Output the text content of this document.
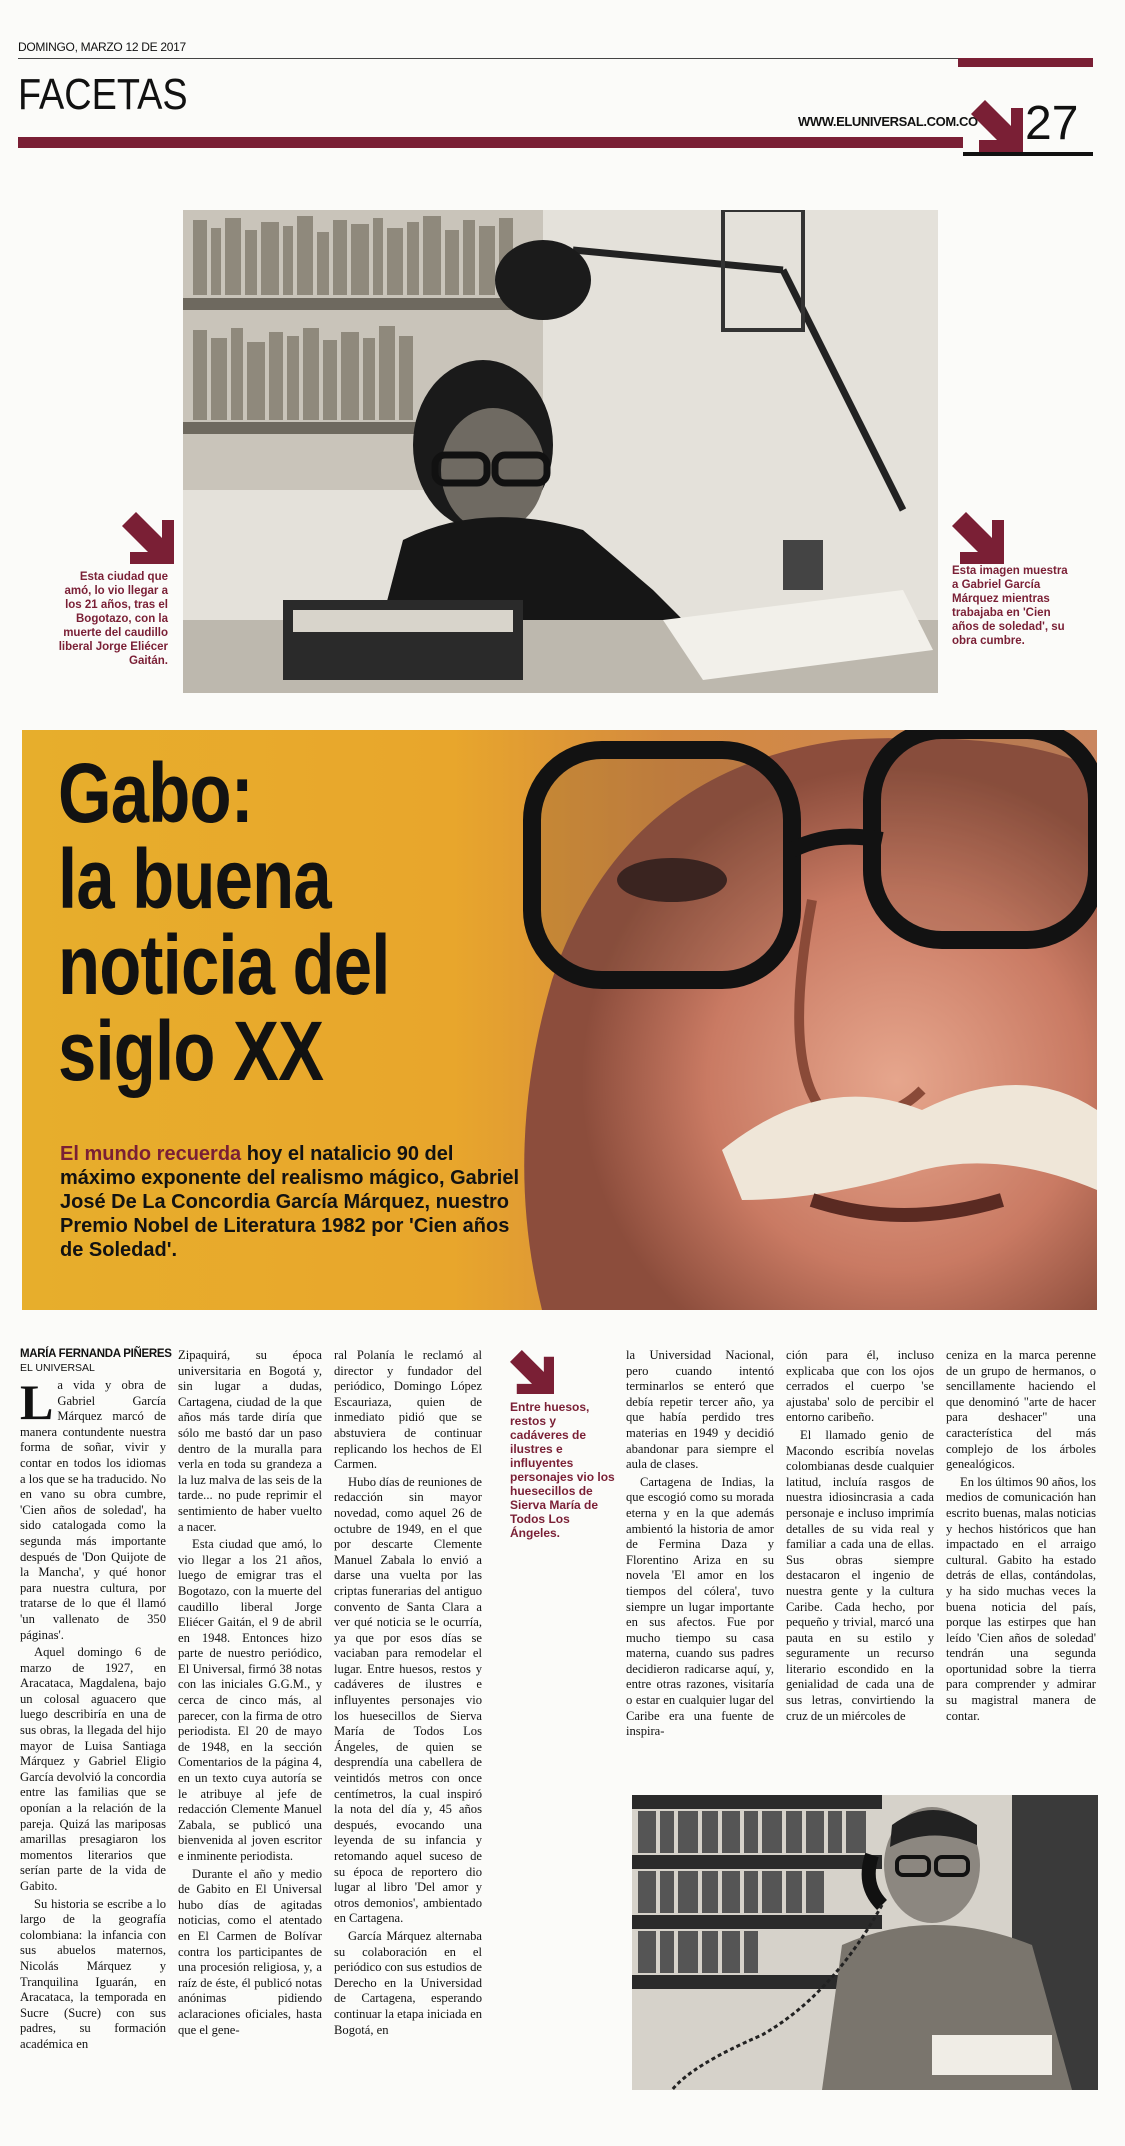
DOMINGO, MARZO 12 DE 2017
FACETAS
WWW.ELUNIVERSAL.COM.CO 27
Esta ciudad que amó, lo vio llegar a los 21 años, tras el Bogotazo, con la muerte del caudillo liberal Jorge Eliécer Gaitán.
Esta imagen muestra a Gabriel García Márquez mientras trabajaba en 'Cien años de soledad', su obra cumbre.
Gabo:
la buena
noticia del
siglo XX
El mundo recuerda hoy el natalicio 90 del máximo exponente del realismo mágico, Gabriel José De La Concordia García Márquez, nuestro Premio Nobel de Literatura 1982 por 'Cien años de Soledad'.
MARÍA FERNANDA PIÑERES
EL UNIVERSAL
L a vida y obra de Gabriel García Márquez marcó de manera contundente nuestra forma de soñar, vivir y contar en todos los idiomas a los que se ha traducido. No en vano su obra cumbre, 'Cien años de soledad', ha sido catalogada como la segunda más importante después de 'Don Quijote de la Mancha', y qué honor para nuestra cultura, por tratarse de lo que él llamó 'un vallenato de 350 páginas'.

Aquel domingo 6 de marzo de 1927, en Aracataca, Magdalena, bajo un colosal aguacero que luego describiría en una de sus obras, la llegada del hijo mayor de Luisa Santiaga Márquez y Gabriel Eligio García devolvió la concordia entre las familias que se oponían a la relación de la pareja. Quizá las mariposas amarillas presagiaron los momentos literarios que serían parte de la vida de Gabito.

Su historia se escribe a lo largo de la geografía colombiana: la infancia con sus abuelos maternos, Nicolás Márquez y Tranquilina Iguarán, en Aracataca, la temporada en Sucre (Sucre) con sus padres, su formación académica en

Zipaquirá, su época universitaria en Bogotá y, sin lugar a dudas, Cartagena, ciudad de la que años más tarde diría que sólo me bastó dar un paso dentro de la muralla para verla en toda su grandeza a la luz malva de las seis de la tarde... no pude reprimir el sentimiento de haber vuelto a nacer.

Esta ciudad que amó, lo vio llegar a los 21 años, luego de emigrar tras el Bogotazo, con la muerte del caudillo liberal Jorge Eliécer Gaitán, el 9 de abril en 1948. Entonces hizo parte de nuestro periódico, El Universal, firmó 38 notas con las iniciales G.G.M., y cerca de cinco más, al parecer, con la firma de otro periodista. El 20 de mayo de 1948, en la sección Comentarios de la página 4, en un texto cuya autoría se le atribuye al jefe de redacción Clemente Manuel Zabala, se publicó una bienvenida al joven escritor e inminente periodista.

Durante el año y medio de Gabito en El Universal hubo días de agitadas noticias, como el atentado en El Carmen de Bolívar contra los participantes de una procesión religiosa, y, a raíz de éste, él publicó notas anónimas pidiendo aclaraciones oficiales, hasta que el gene-

ral Polanía le reclamó al director y fundador del periódico, Domingo López Escauriaza, quien de inmediato pidió que se abstuviera de continuar replicando los hechos de El Carmen.

Hubo días de reuniones de redacción sin mayor novedad, como aquel 26 de octubre de 1949, en el que por descarte Clemente Manuel Zabala lo envió a darse una vuelta por las criptas funerarias del antiguo convento de Santa Clara a ver qué noticia se le ocurría, ya que por esos días se vaciaban para remodelar el lugar. Entre huesos, restos y cadáveres de ilustres e influyentes personajes vio los huesecillos de Sierva María de Todos Los Ángeles, de quien se desprendía una cabellera de veintidós metros con once centímetros, la cual inspiró la nota del día y, 45 años después, evocando una leyenda de su infancia y retomando aquel suceso de su época de reportero dio lugar al libro 'Del amor y otros demonios', ambientado en Cartagena.

García Márquez alternaba su colaboración en el periódico con sus estudios de Derecho en la Universidad de Cartagena, esperando continuar la etapa iniciada en Bogotá, en

Entre huesos, restos y cadáveres de ilustres e influyentes personajes vio los huesecillos de Sierva María de Todos Los Ángeles.

la Universidad Nacional, pero cuando intentó terminarlos se enteró que debía repetir tercer año, ya que había perdido tres materias en 1949 y decidió abandonar para siempre el aula de clases.

Cartagena de Indias, la que escogió como su morada eterna y en la que además ambientó la historia de amor de Fermina Daza y Florentino Ariza en su novela 'El amor en los tiempos del cólera', tuvo siempre un lugar importante en sus afectos. Fue por mucho tiempo su casa materna, cuando sus padres decidieron radicarse aquí, y, entre otras razones, visitaría o estar en cualquier lugar del Caribe era una fuente de inspira-

ción para él, incluso explicaba que con los ojos cerrados el cuerpo 'se ajustaba' solo de percibir el entorno caribeño.

El llamado genio de Macondo escribía novelas colombianas desde cualquier latitud, incluía rasgos de nuestra idiosincrasia a cada personaje e incluso imprimía detalles de su vida real y familiar a cada una de ellas. Sus obras siempre destacaron el ingenio de nuestra gente y la cultura Caribe. Cada hecho, por pequeño y trivial, marcó una pauta en su estilo y seguramente un recurso literario escondido en la genialidad de cada una de sus letras, convirtiendo la cruz de un miércoles de

ceniza en la marca perenne de un grupo de hermanos, o sencillamente haciendo el que denominó "arte de hacer para deshacer" una característica del más complejo de los árboles genealógicos.

En los últimos 90 años, los medios de comunicación han escrito buenas, malas noticias y hechos históricos que han impactado en el arraigo cultural. Gabito ha estado detrás de ellas, contándolas, y ha sido muchas veces la buena noticia del país, porque las estirpes que han leído 'Cien años de soledad' tendrán una segunda oportunidad sobre la tierra para comprender y admirar su magistral manera de contar.
